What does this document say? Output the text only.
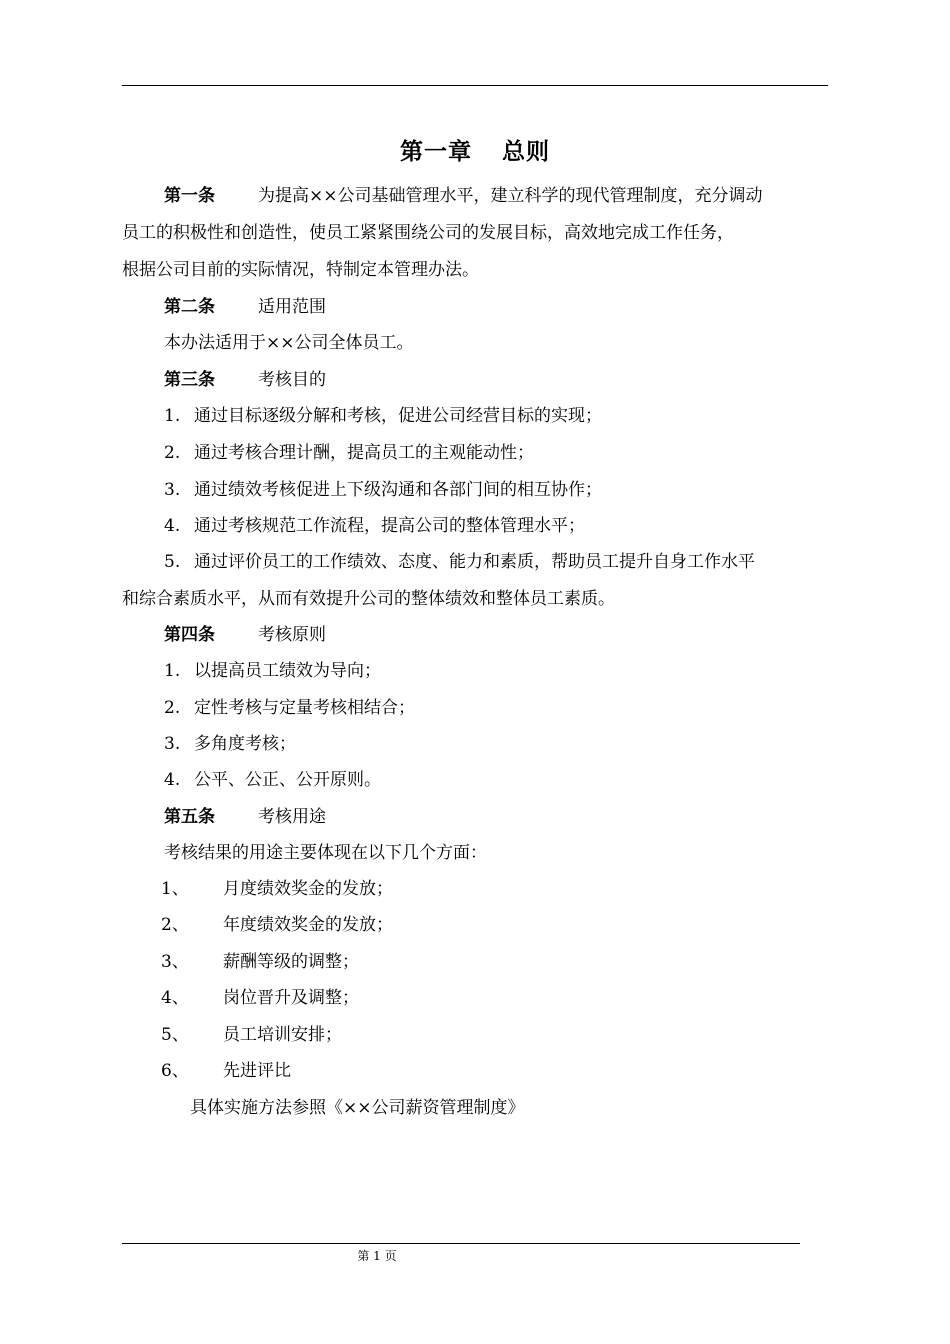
第一章 总则
第一条	为提高××公司基础管理水平，建立科学的现代管理制度，充分调动
员工的积极性和创造性，使员工紧紧围绕公司的发展目标，高效地完成工作任务，
根据公司目前的实际情况，特制定本管理办法。
第二条	适用范围
本办法适用于××公司全体员工。
第三条	考核目的
1. 通过目标逐级分解和考核，促进公司经营目标的实现；
2. 通过考核合理计酬，提高员工的主观能动性；
3. 通过绩效考核促进上下级沟通和各部门间的相互协作；
4. 通过考核规范工作流程，提高公司的整体管理水平；
5. 通过评价员工的工作绩效、态度、能力和素质，帮助员工提升自身工作水平
和综合素质水平，从而有效提升公司的整体绩效和整体员工素质。
第四条	考核原则
1. 以提高员工绩效为导向；
2. 定性考核与定量考核相结合；
3. 多角度考核；
4. 公平、公正、公开原则。
第五条	考核用途
考核结果的用途主要体现在以下几个方面：
1、 月度绩效奖金的发放；
2、 年度绩效奖金的发放；
3、 薪酬等级的调整；
4、 岗位晋升及调整；
5、 员工培训安排；
6、 先进评比
具体实施方法参照《××公司薪资管理制度》
第 1 页
